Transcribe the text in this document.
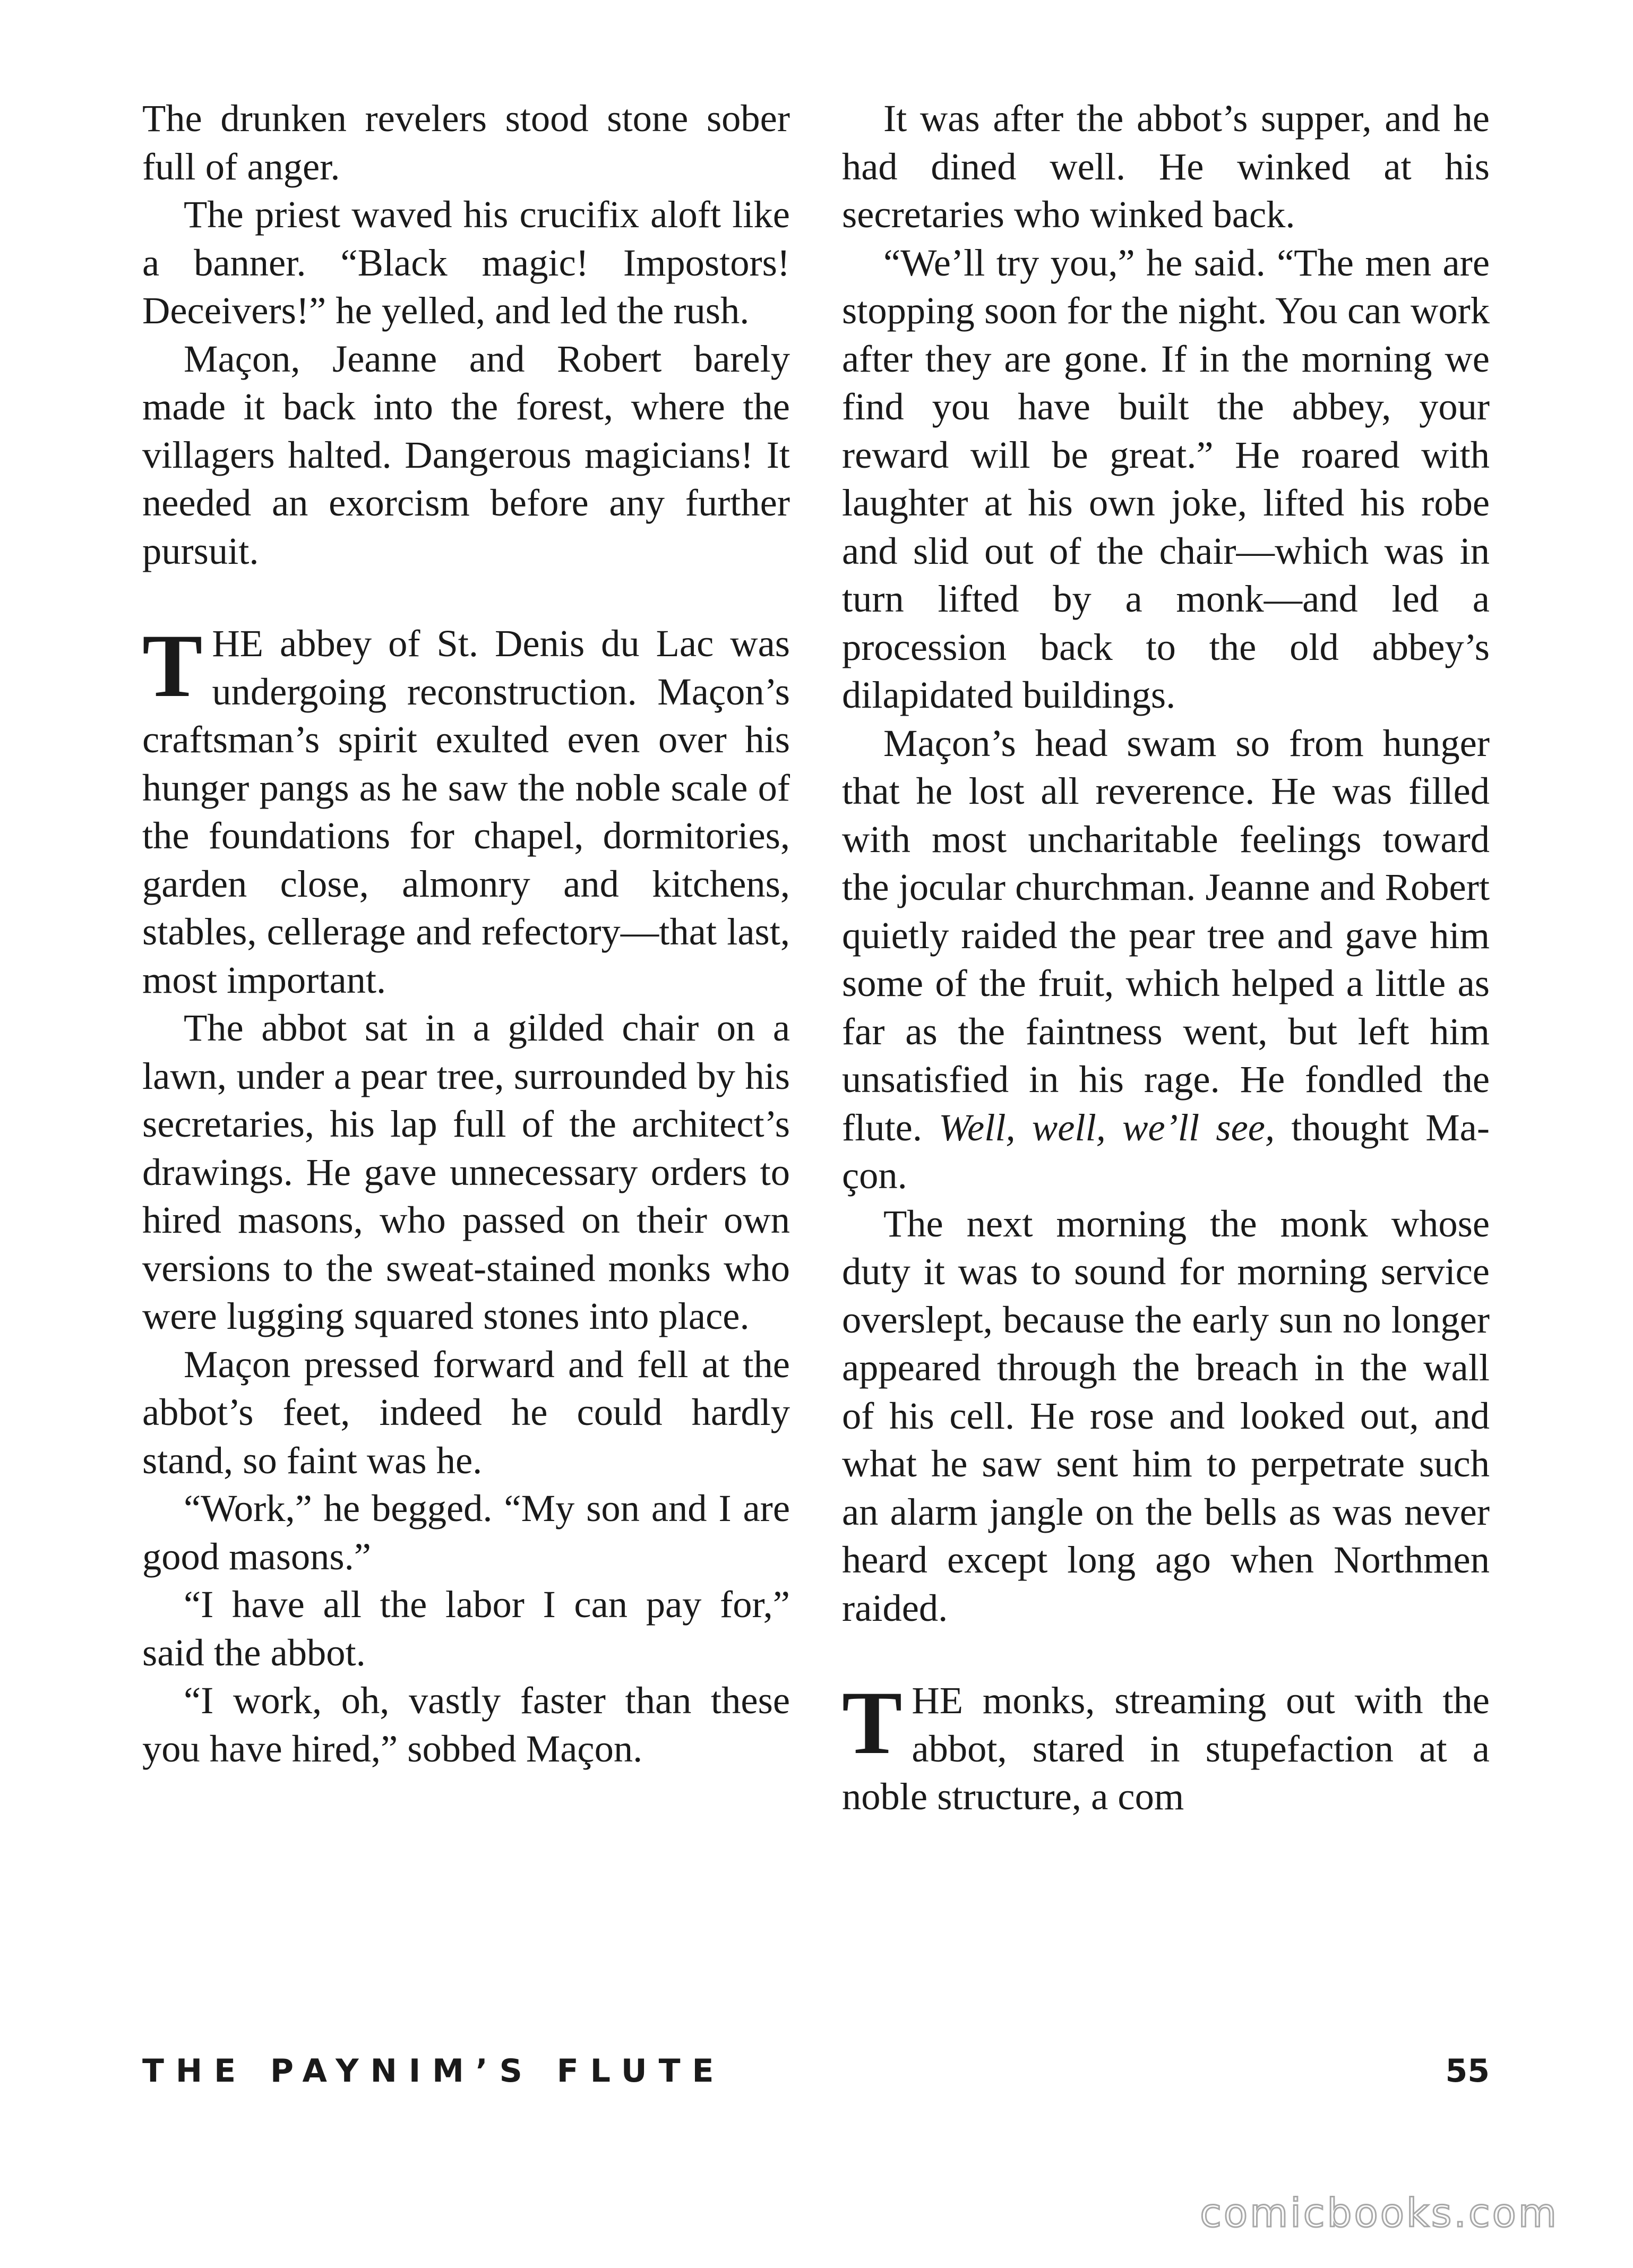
The drunken revelers stood stone sober full of anger.

The priest waved his crucifix aloft like a banner. “Black magic! Impostors! Deceivers!” he yelled, and led the rush.

Maçon, Jeanne and Robert barely made it back into the forest, where the villagers halted. Dangerous magicians! It needed an exorcism before any further pursuit.

THE abbey of St. Denis du Lac was undergoing reconstruction. Maçon’s craftsman’s spirit exulted even over his hunger pangs as he saw the noble scale of the foundations for chapel, dormitories, garden close, almonry and kitchens, stables, cellerage and refectory—that last, most important.

The abbot sat in a gilded chair on a lawn, under a pear tree, surrounded by his secretaries, his lap full of the architect’s drawings. He gave unnecessary orders to hired masons, who passed on their own versions to the sweat-stained monks who were lugging squared stones into place.

Maçon pressed forward and fell at the abbot’s feet, indeed he could hardly stand, so faint was he.

“Work,” he begged. “My son and I are good masons.”

“I have all the labor I can pay for,” said the abbot.

“I work, oh, vastly faster than these you have hired,” sobbed Maçon.

It was after the abbot’s supper, and he had dined well. He winked at his secretaries who winked back.

“We’ll try you,” he said. “The men are stopping soon for the night. You can work after they are gone. If in the morning we find you have built the abbey, your reward will be great.” He roared with laughter at his own joke, lifted his robe and slid out of the chair—which was in turn lifted by a monk—and led a procession back to the old abbey’s dilapidated buildings.

Maçon’s head swam so from hunger that he lost all reverence. He was filled with most uncharitable feelings toward the jocular churchman. Jeanne and Robert quietly raided the pear tree and gave him some of the fruit, which helped a little as far as the faintness went, but left him unsatisfied in his rage. He fondled the flute. Well, well, we’ll see, thought Maçon.

The next morning the monk whose duty it was to sound for morning service overslept, because the early sun no longer appeared through the breach in the wall of his cell. He rose and looked out, and what he saw sent him to perpetrate such an alarm jangle on the bells as was never heard except long ago when Northmen raided.

THE monks, streaming out with the abbot, stared in stupefaction at a noble structure, a com

THE PAYNIM’S FLUTE	55
comicbooks.com
